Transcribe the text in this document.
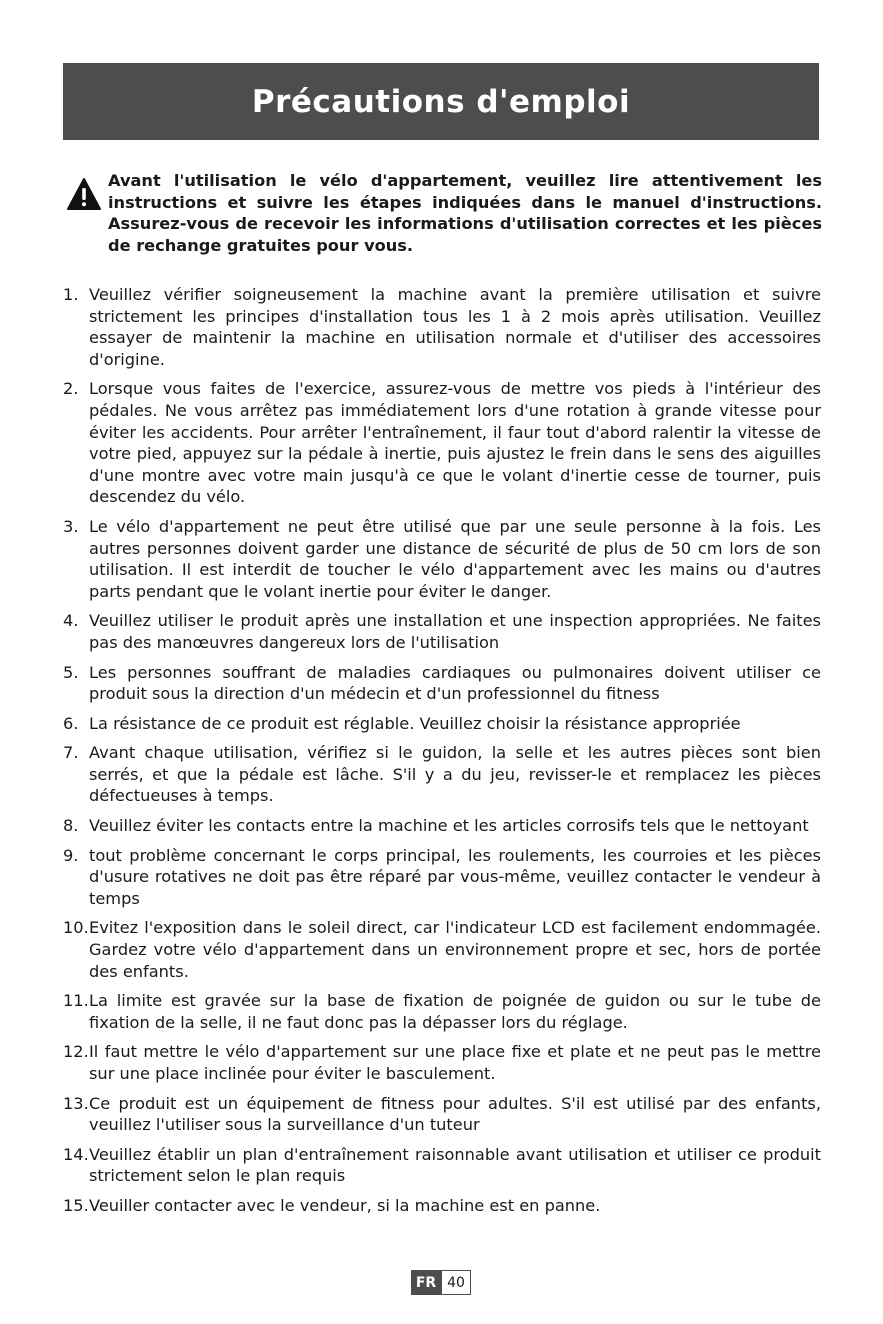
Précautions d'emploi
Avant l'utilisation le vélo d'appartement, veuillez lire attentivement les instructions et suivre les étapes indiquées dans le manuel d'instructions. Assurez-vous de recevoir les informations d'utilisation correctes et les pièces de rechange gratuites pour vous.
1. Veuillez vérifier soigneusement la machine avant la première utilisation et suivre strictement les principes d'installation tous les 1 à 2 mois après utilisation. Veuillez essayer de maintenir la machine en utilisation normale et d'utiliser des accessoires d'origine.
2. Lorsque vous faites de l'exercice, assurez-vous de mettre vos pieds à l'intérieur des pédales. Ne vous arrêtez pas immédiatement lors d'une rotation à grande vitesse pour éviter les accidents. Pour arrêter l'entraînement, il faur tout d'abord ralentir la vitesse de votre pied, appuyez sur la pédale à inertie, puis ajustez le frein dans le sens des aiguilles d'une montre avec votre main jusqu'à ce que le volant d'inertie cesse de tourner, puis descendez du vélo.
3. Le vélo d'appartement ne peut être utilisé que par une seule personne à la fois. Les autres personnes doivent garder une distance de sécurité de plus de 50 cm lors de son utilisation. Il est interdit de toucher le vélo d'appartement avec les mains ou d'autres parts pendant que le volant inertie pour éviter le danger.
4. Veuillez utiliser le produit après une installation et une inspection appropriées. Ne faites pas des manœuvres dangereux lors de l'utilisation
5. Les personnes souffrant de maladies cardiaques ou pulmonaires doivent utiliser ce produit sous la direction d'un médecin et d'un professionnel du fitness
6. La résistance de ce produit est réglable. Veuillez choisir la résistance appropriée
7. Avant chaque utilisation, vérifiez si le guidon, la selle et les autres pièces sont bien serrés, et que la pédale est lâche. S'il y a du jeu, revisser-le et remplacez les pièces défectueuses à temps.
8. Veuillez éviter les contacts entre la machine et les articles corrosifs tels que le nettoyant
9. tout problème concernant le corps principal, les roulements, les courroies et les pièces d'usure rotatives ne doit pas être réparé par vous-même, veuillez contacter le vendeur à temps
10. Evitez l'exposition dans le soleil direct, car l'indicateur LCD est facilement endommagée. Gardez votre vélo d'appartement dans un environnement propre et sec, hors de portée des enfants.
11. La limite est gravée sur la base de fixation de poignée de guidon ou sur le tube de fixation de la selle, il ne faut donc pas la dépasser lors du réglage.
12. Il faut mettre le vélo d'appartement sur une place fixe et plate et ne peut pas le mettre sur une place inclinée pour éviter le basculement.
13. Ce produit est un équipement de fitness pour adultes. S'il est utilisé par des enfants, veuillez l'utiliser sous la surveillance d'un tuteur
14. Veuillez établir un plan d'entraînement raisonnable avant utilisation et utiliser ce produit strictement selon le plan requis
15. Veuiller contacter avec le vendeur, si la machine est en panne.
FR 40
